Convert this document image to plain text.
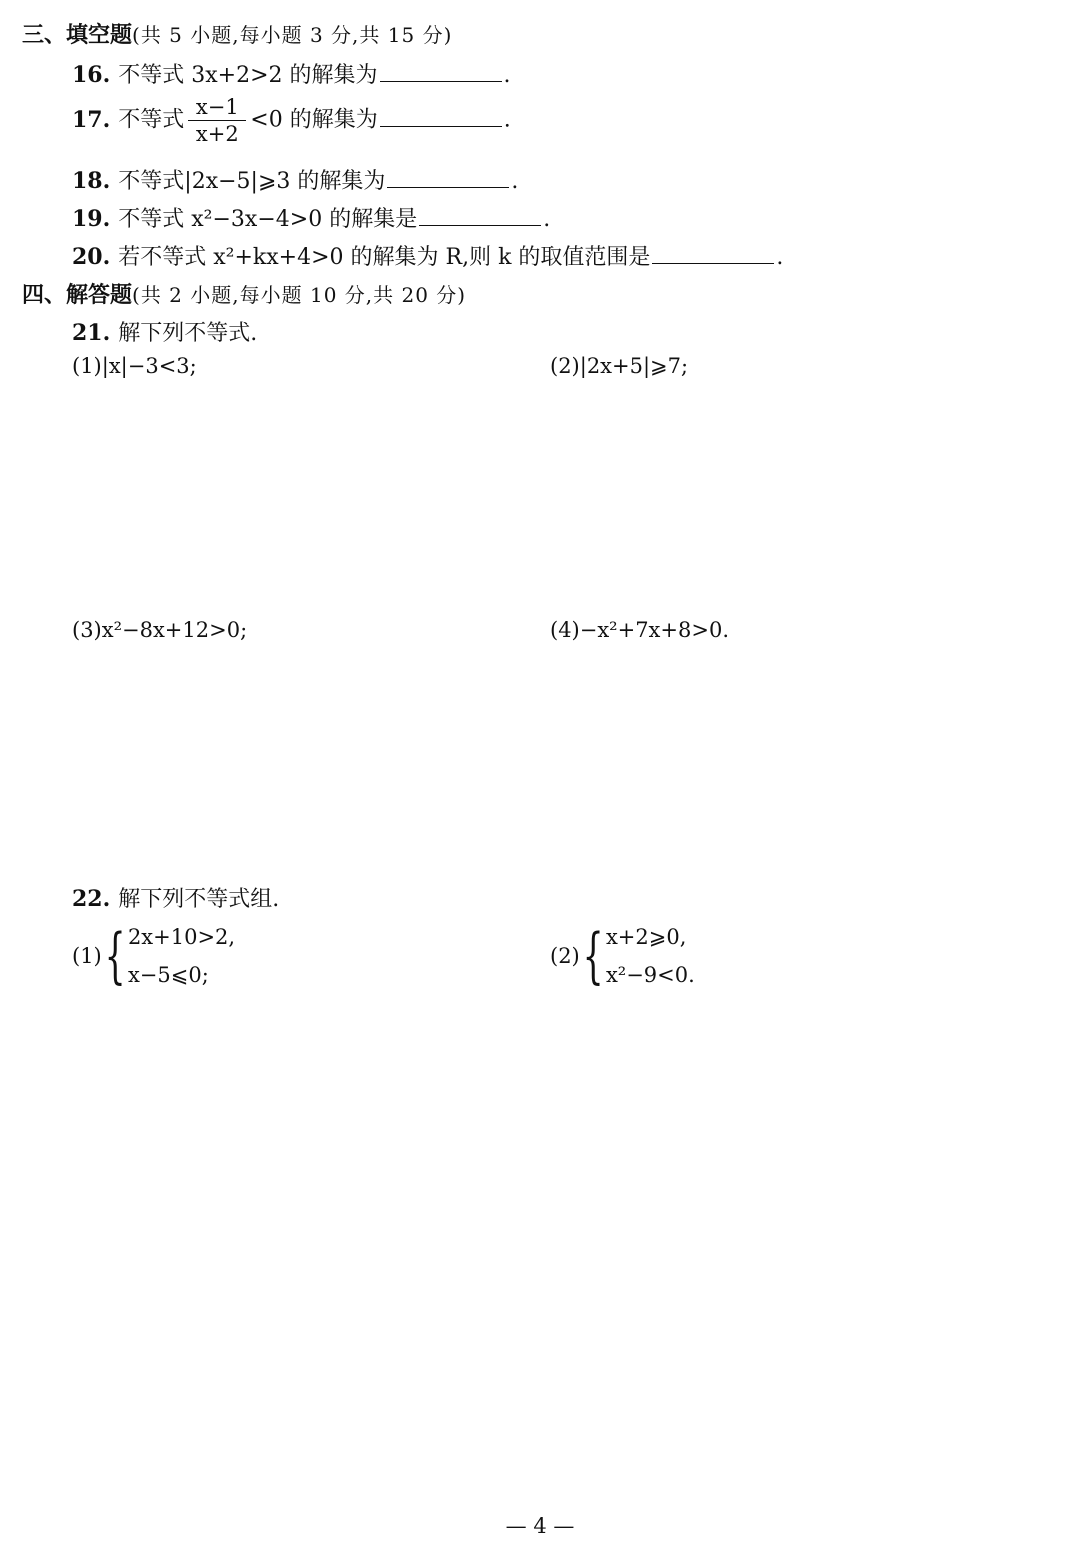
三、填空题(共 5 小题,每小题 3 分,共 15 分)
16. 不等式 3x+2>2 的解集为	.
17. 不等式 $\frac{x-1}{x+2} <0$ 的解集为	.
18. 不等式|2x−5|⩾3 的解集为	.
19. 不等式 x²−3x−4>0 的解集是	.
20. 若不等式 x²+kx+4>0 的解集为 R,则 k 的取值范围是	.
四、解答题(共 2 小题,每小题 10 分,共 20 分)
21. 解下列不等式.
(1)|x|−3<3;	(2)|2x+5|⩾7;
(3)x²−8x+12>0;	(4)−x²+7x+8>0.
22. 解下列不等式组.
(1) { 2x+10>2,
x−5⩽0;
(2) { x+2⩾0,
x²−9<0.
— 4 —
